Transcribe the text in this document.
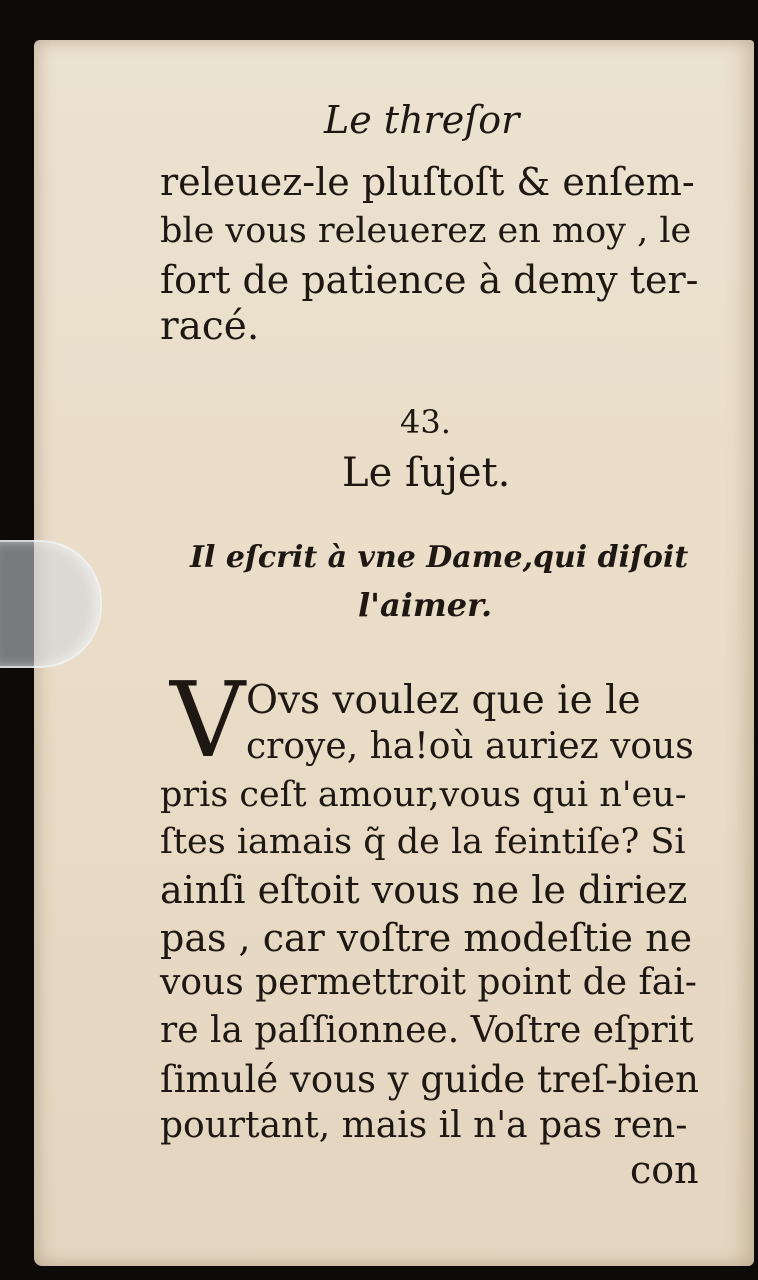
Le threſor

releuez-le pluſtoſt & enſem-

ble vous releuerez en moy , le

fort de patience à demy ter-

racé.

43.

Le ſujet.

Il eſcrit à vne Dame,qui diſoit

l'aimer.

V Ovs voulez que ie le

croye, ha!où auriez vous

pris ceſt amour,vous qui n'eu-

ſtes iamais q̃ de la feintiſe? Si

ainſi eſtoit vous ne le diriez

pas , car voſtre modeſtie ne

vous permettroit point de fai-

re la paſſionnee. Voſtre eſprit

ſimulé vous y guide treſ-bien

pourtant, mais il n'a pas ren-

con
